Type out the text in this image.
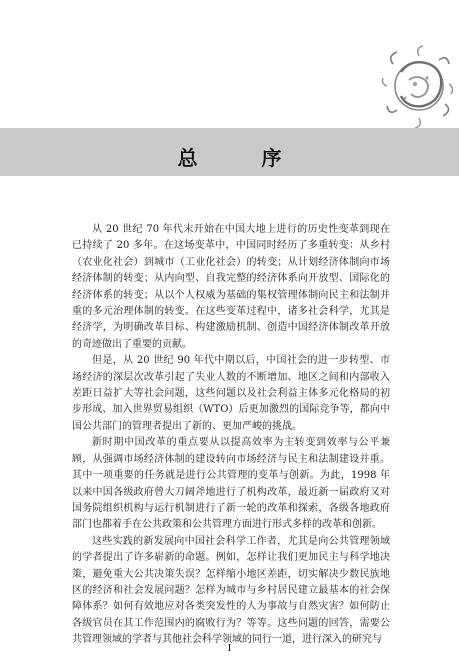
总　序

从 20 世纪 70 年代末开始在中国大地上进行的历史性变革到现在已持续了 20 多年。在这场变革中，中国同时经历了多重转变：从乡村（农业化社会）到城市（工业化社会）的转变；从计划经济体制向市场经济体制的转变；从内向型、自我完整的经济体系向开放型、国际化的经济体系的转变；从以个人权威为基础的集权管理体制向民主和法制并重的多元治理体制的转变。在这些变革过程中，诸多社会科学，尤其是经济学，为明确改革目标、构建激励机制、创造中国经济体制改革开放的奇迹做出了重要的贡献。

但是，从 20 世纪 90 年代中期以后，中国社会的进一步转型、市场经济的深层次改革引起了失业人数的不断增加、地区之间和内部收入差距日益扩大等社会问题，这些问题以及社会利益主体多元化格局的初步形成、加入世界贸易组织（WTO）后更加激烈的国际竞争等，都向中国公共部门的管理者提出了新的、更加严峻的挑战。

新时期中国改革的重点要从以提高效率为主转变到效率与公平兼顾，从强调市场经济体制的建设转向市场经济与民主和法制建设并重。其中一项重要的任务就是进行公共管理的变革与创新。为此，1998 年以来中国各级政府曾大刀阔斧地进行了机构改革，最近新一届政府又对国务院组织机构与运行机制进行了新一轮的改革和探索，各级各地政府部门也都着手在公共政策和公共管理方面进行形式多样的改革和创新。

这些实践的新发展向中国社会科学工作者，尤其是向公共管理领域的学者提出了许多崭新的命题。例如，怎样让我们更加民主与科学地决策，避免重大公共决策失误？怎样缩小地区差距，切实解决少数民族地区的经济和社会发展问题？怎样为城市与乡村居民建立最基本的社会保障体系？如何有效地应对各类突发性的人为事故与自然灾害？如何防止各级官员在其工作范围内的腐败行为？等等。这些问题的回答，需要公共管理领域的学者与其他社会科学领域的同行一道，进行深入的研究与

I
